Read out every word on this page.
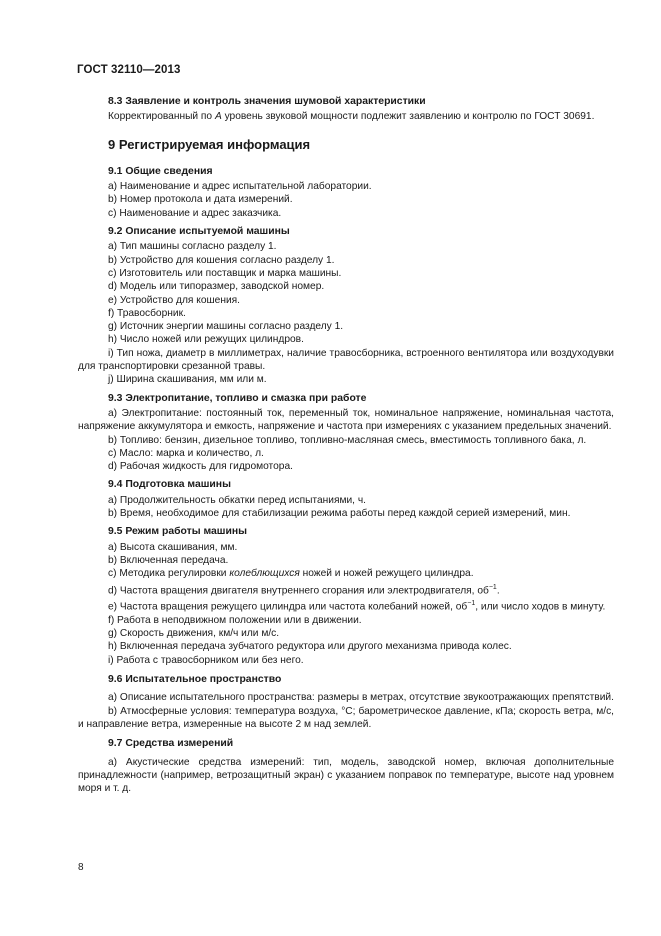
ГОСТ 32110—2013
8.3 Заявление и контроль значения шумовой характеристики

Корректированный по A уровень звуковой мощности подлежит заявлению и контролю по ГОСТ 30691.

9 Регистрируемая информация
9.1 Общие сведения

a) Наименование и адрес испытательной лаборатории.

b) Номер протокола и дата измерений.

c) Наименование и адрес заказчика.

9.2 Описание испытуемой машины

a) Тип машины согласно разделу 1.

b) Устройство для кошения согласно разделу 1.

c) Изготовитель или поставщик и марка машины.

d) Модель или типоразмер, заводской номер.

e) Устройство для кошения.

f) Травосборник.

g) Источник энергии машины согласно разделу 1.

h) Число ножей или режущих цилиндров.

i) Тип ножа, диаметр в миллиметрах, наличие травосборника, встроенного вентилятора или воздуходувки для транспортировки срезанной травы.

j) Ширина скашивания, мм или м.

9.3 Электропитание, топливо и смазка при работе

a) Электропитание: постоянный ток, переменный ток, номинальное напряжение, номинальная частота, напряжение аккумулятора и емкость, напряжение и частота при измерениях с указанием предельных значений.

b) Топливо: бензин, дизельное топливо, топливно-масляная смесь, вместимость топливного бака, л.

c) Масло: марка и количество, л.

d) Рабочая жидкость для гидромотора.

9.4 Подготовка машины

a) Продолжительность обкатки перед испытаниями, ч.

b) Время, необходимое для стабилизации режима работы перед каждой серией измерений, мин.

9.5 Режим работы машины

a) Высота скашивания, мм.

b) Включенная передача.

c) Методика регулировки колеблющихся ножей и ножей режущего цилиндра.

d) Частота вращения двигателя внутреннего сгорания или электродвигателя, $об^{-1}$.

e) Частота вращения режущего цилиндра или частота колебаний ножей, $об^{-1}$, или число ходов в минуту.

f) Работа в неподвижном положении или в движении.

g) Скорость движения, км/ч или м/с.

h) Включенная передача зубчатого редуктора или другого механизма привода колес.

i) Работа с травосборником или без него.

9.6 Испытательное пространство

a) Описание испытательного пространства: размеры в метрах, отсутствие звукоотражающих препятствий.

b) Атмосферные условия: температура воздуха, °C; барометрическое давление, кПа; скорость ветра, м/с, и направление ветра, измеренные на высоте 2 м над землей.

9.7 Средства измерений

a) Акустические средства измерений: тип, модель, заводской номер, включая дополнительные принадлежности (например, ветрозащитный экран) с указанием поправок по температуре, высоте над уровнем моря и т. д.

8
